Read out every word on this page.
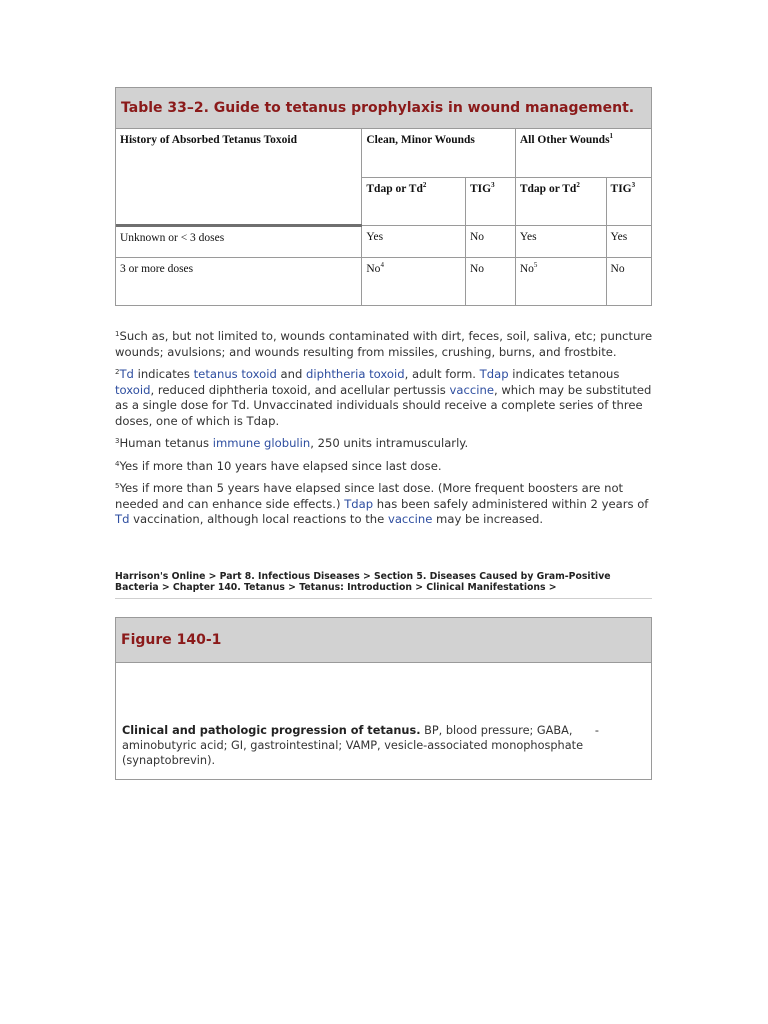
Table 33–2. Guide to tetanus prophylaxis in wound management.
History of Absorbed Tetanus Toxoid	Clean, Minor Wounds		All Other Wounds$^1$
	Tdap or Td$^2$	TIG$^3$	Tdap or Td$^2$	TIG$^3$
Unknown or < 3 doses	Yes	No	Yes	Yes
3 or more doses	No$^4$	No	No$^5$	No

$^1$Such as, but not limited to, wounds contaminated with dirt, feces, soil, saliva, etc; puncture wounds; avulsions; and wounds resulting from missiles, crushing, burns, and frostbite.

$^2$Td indicates tetanus toxoid and diphtheria toxoid, adult form. Tdap indicates tetanous toxoid, reduced diphtheria toxoid, and acellular pertussis vaccine, which may be substituted as a single dose for Td. Unvaccinated individuals should receive a complete series of three doses, one of which is Tdap.

$^3$Human tetanus immune globulin, 250 units intramuscularly.

$^4$Yes if more than 10 years have elapsed since last dose.

$^5$Yes if more than 5 years have elapsed since last dose. (More frequent boosters are not needed and can enhance side effects.) Tdap has been safely administered within 2 years of Td vaccination, although local reactions to the vaccine may be increased.

Harrison's Online > Part 8. Infectious Diseases > Section 5. Diseases Caused by Gram-Positive Bacteria > Chapter 140. Tetanus > Tetanus: Introduction > Clinical Manifestations >
Figure 140-1
Clinical and pathologic progression of tetanus. BP, blood pressure; GABA, aminobutyric acid; GI, gastrointestinal; VAMP, vesicle-associated monophosphate (synaptobrevin).
-
